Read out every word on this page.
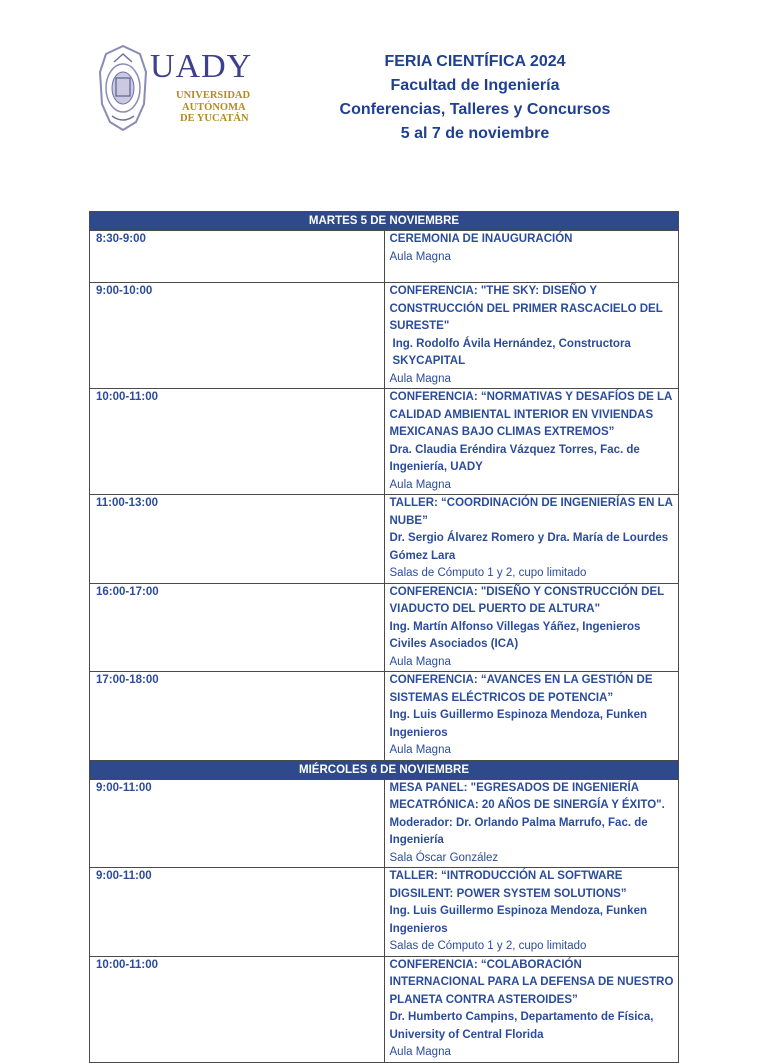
UADY
UNIVERSIDAD
AUTÓNOMA
DE YUCATÁN
FERIA CIENTÍFICA 2024
Facultad de Ingeniería
Conferencias, Talleres y Concursos
5 al 7 de noviembre
MARTES 5 DE NOVIEMBRE	
8:30-9:00	CEREMONIA DE INAUGURACIÓN
Aula Magna

9:00-10:00	CONFERENCIA: "THE SKY: DISEÑO Y CONSTRUCCIÓN DEL PRIMER RASCACIELO DEL SURESTE"
Ing. Rodolfo Ávila Hernández, Constructora SKYCAPITAL
Aula Magna

10:00-11:00	CONFERENCIA: “NORMATIVAS Y DESAFÍOS DE LA CALIDAD AMBIENTAL INTERIOR EN VIVIENDAS MEXICANAS BAJO CLIMAS EXTREMOS”
Dra. Claudia Eréndira Vázquez Torres, Fac. de Ingeniería, UADY
Aula Magna

11:00-13:00	TALLER: “COORDINACIÓN DE INGENIERÍAS EN LA NUBE”
Dr. Sergio Álvarez Romero y Dra. María de Lourdes Gómez Lara
Salas de Cómputo 1 y 2, cupo limitado

16:00-17:00	CONFERENCIA: "DISEÑO Y CONSTRUCCIÓN DEL VIADUCTO DEL PUERTO DE ALTURA"
Ing. Martín Alfonso Villegas Yáñez, Ingenieros Civiles Asociados (ICA)
Aula Magna

17:00-18:00	CONFERENCIA: “AVANCES EN LA GESTIÓN DE SISTEMAS ELÉCTRICOS DE POTENCIA”
Ing. Luis Guillermo Espinoza Mendoza, Funken Ingenieros
Aula Magna

MIÉRCOLES 6 DE NOVIEMBRE	
9:00-11:00	MESA PANEL: "EGRESADOS DE INGENIERÍA MECATRÓNICA: 20 AÑOS DE SINERGÍA Y ÉXITO".
Moderador: Dr. Orlando Palma Marrufo, Fac. de Ingeniería
Sala Óscar González

9:00-11:00	TALLER: “INTRODUCCIÓN AL SOFTWARE DIGSILENT: POWER SYSTEM SOLUTIONS”
Ing. Luis Guillermo Espinoza Mendoza, Funken Ingenieros
Salas de Cómputo 1 y 2, cupo limitado

10:00-11:00	CONFERENCIA: “COLABORACIÓN INTERNACIONAL PARA LA DEFENSA DE NUESTRO PLANETA CONTRA ASTEROIDES”
Dr. Humberto Campins, Departamento de Física, University of Central Florida
Aula Magna
